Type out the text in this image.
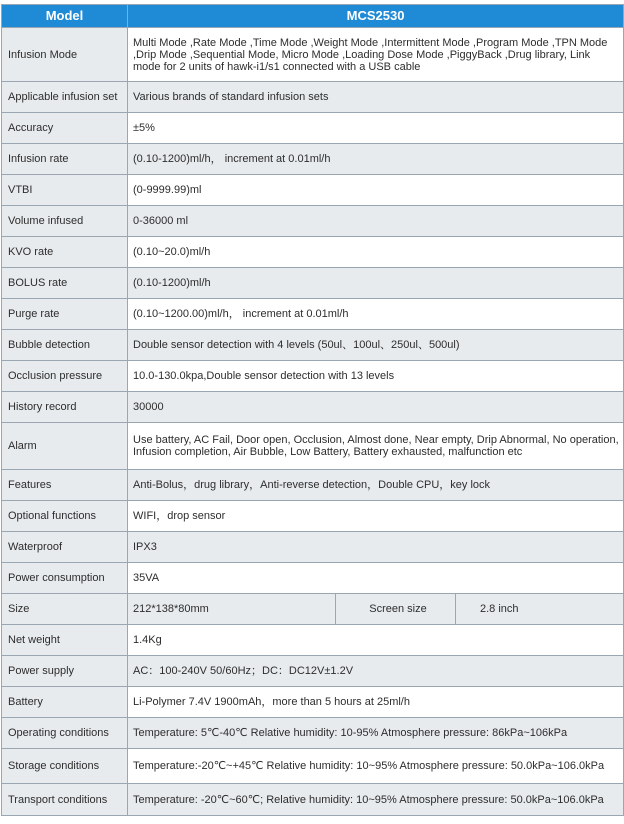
Model	MCS2530		
Infusion Mode	Multi Mode ,Rate Mode ,Time Mode ,Weight Mode ,Intermittent Mode ,Program Mode ,TPN Mode ,Drip Mode ,Sequential Mode, Micro Mode ,Loading Dose Mode ,PiggyBack ,Drug library, Link mode for 2 units of hawk-i1/s1 connected with a USB cable		
Applicable infusion set	Various brands of standard infusion sets		
Accuracy	±5%		
Infusion rate	(0.10-1200)ml/h， increment at 0.01ml/h		
VTBI	(0-9999.99)ml		
Volume infused	0-36000 ml		
KVO rate	(0.10~20.0)ml/h		
BOLUS rate	(0.10-1200)ml/h		
Purge rate	(0.10~1200.00)ml/h， increment at 0.01ml/h		
Bubble detection	Double sensor detection with 4 levels (50ul、100ul、250ul、500ul)		
Occlusion pressure	10.0-130.0kpa,Double sensor detection with 13 levels		
History record	30000		
Alarm	Use battery, AC Fail, Door open, Occlusion, Almost done, Near empty, Drip Abnormal, No operation, Infusion completion, Air Bubble, Low Battery, Battery exhausted, malfunction etc		
Features	Anti-Bolus，drug library，Anti-reverse detection，Double CPU，key lock		
Optional functions	WIFI，drop sensor		
Waterproof	IPX3		
Power consumption	35VA		
Size	212*138*80mm	Screen size	2.8 inch
Net weight	1.4Kg		
Power supply	AC：100-240V 50/60Hz；DC：DC12V±1.2V		
Battery	Li-Polymer 7.4V 1900mAh，more than 5 hours at 25ml/h		
Operating conditions	Temperature: 5℃-40℃ Relative humidity: 10-95% Atmosphere pressure: 86kPa~106kPa		
Storage conditions	Temperature:-20℃~+45℃ Relative humidity: 10~95% Atmosphere pressure: 50.0kPa~106.0kPa		
Transport conditions	Temperature: -20℃~60℃; Relative humidity: 10~95% Atmosphere pressure: 50.0kPa~106.0kPa		
